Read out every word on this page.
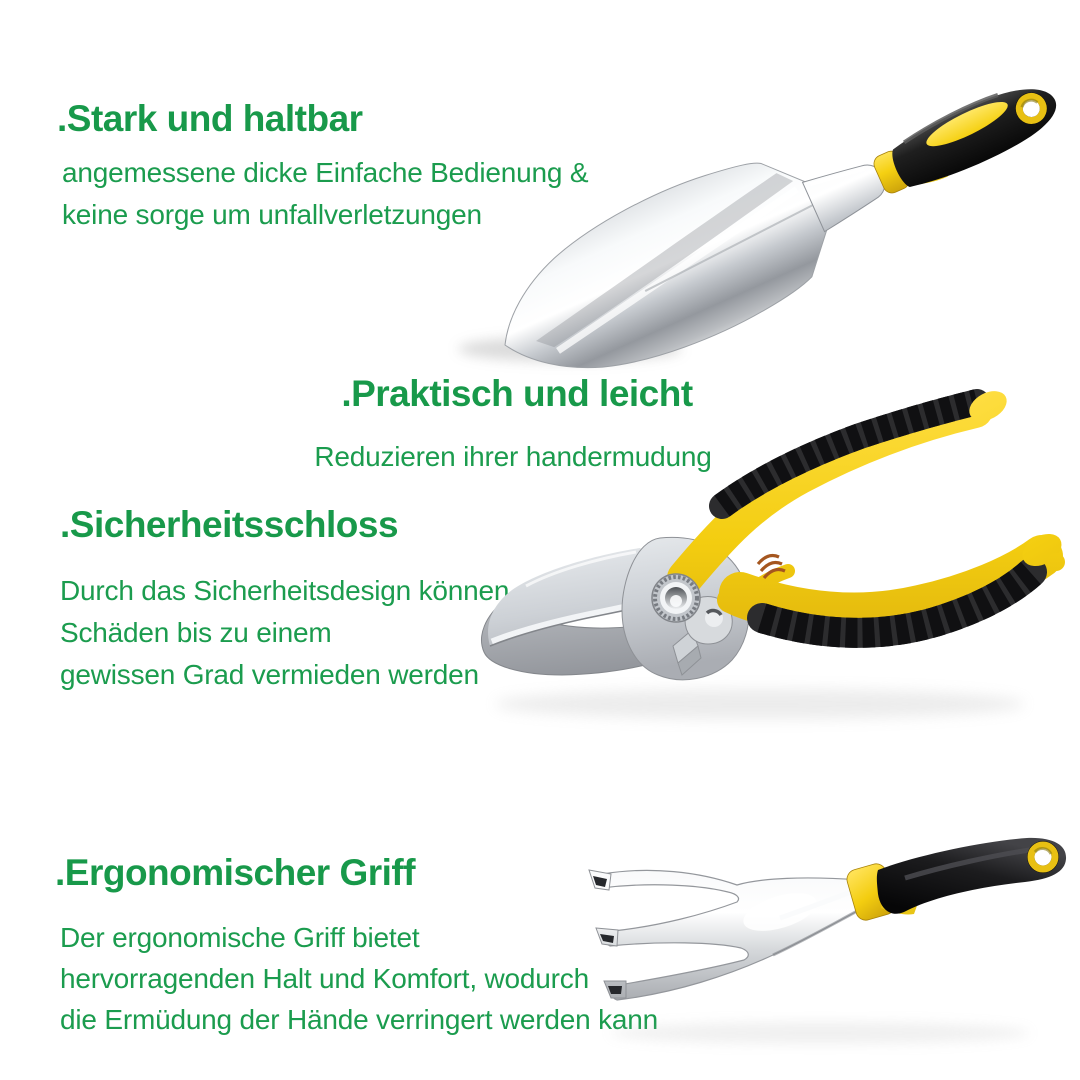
.Stark und haltbar
angemessene dicke Einfache Bedienung &
keine sorge um unfallverletzungen
.Praktisch und leicht
Reduzieren ihrer handermudung
.Sicherheitsschloss
Durch das Sicherheitsdesign können
Schäden bis zu einem
gewissen Grad vermieden werden
.Ergonomischer Griff
Der ergonomische Griff bietet
hervorragenden Halt und Komfort, wodurch
die Ermüdung der Hände verringert werden kann
